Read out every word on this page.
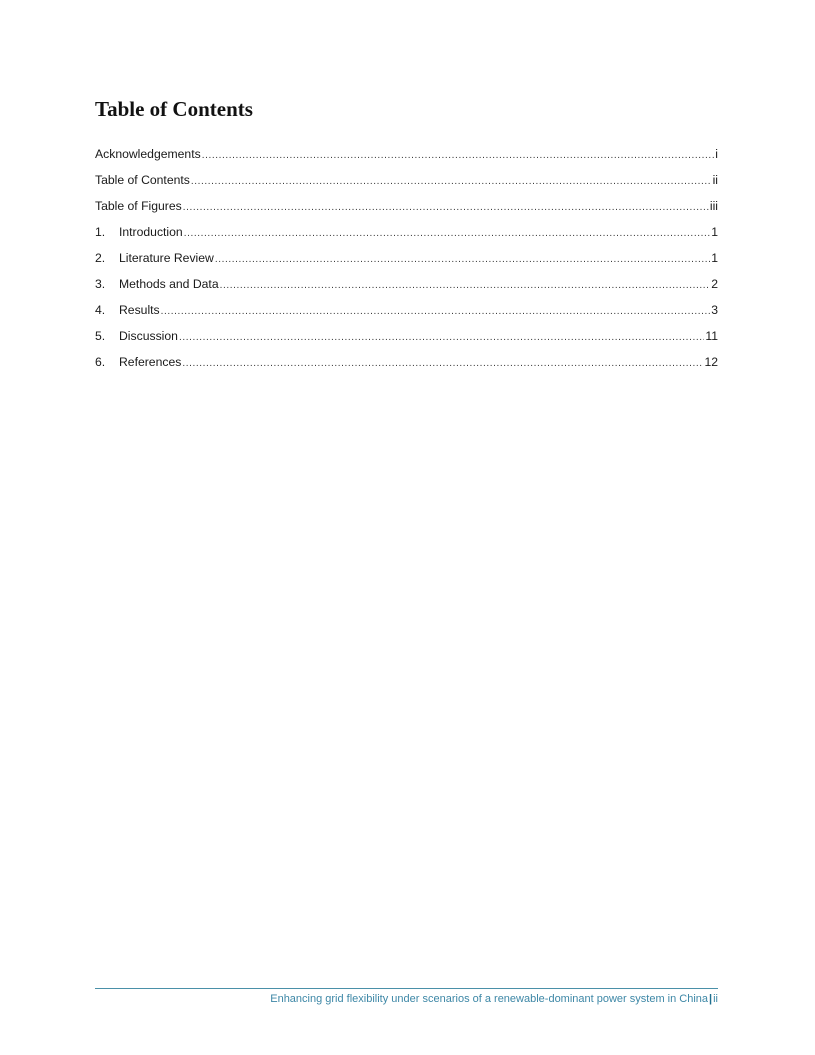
Table of Contents
Acknowledgements .....	i
Table of Contents .....	ii
Table of Figures .....	iii
1.	Introduction .....	1
2.	Literature Review .....	1
3.	Methods and Data .....	2
4.	Results .....	3
5.	Discussion .....	11
6.	References .....	12
Enhancing grid flexibility under scenarios of a renewable-dominant power system in China|ii
